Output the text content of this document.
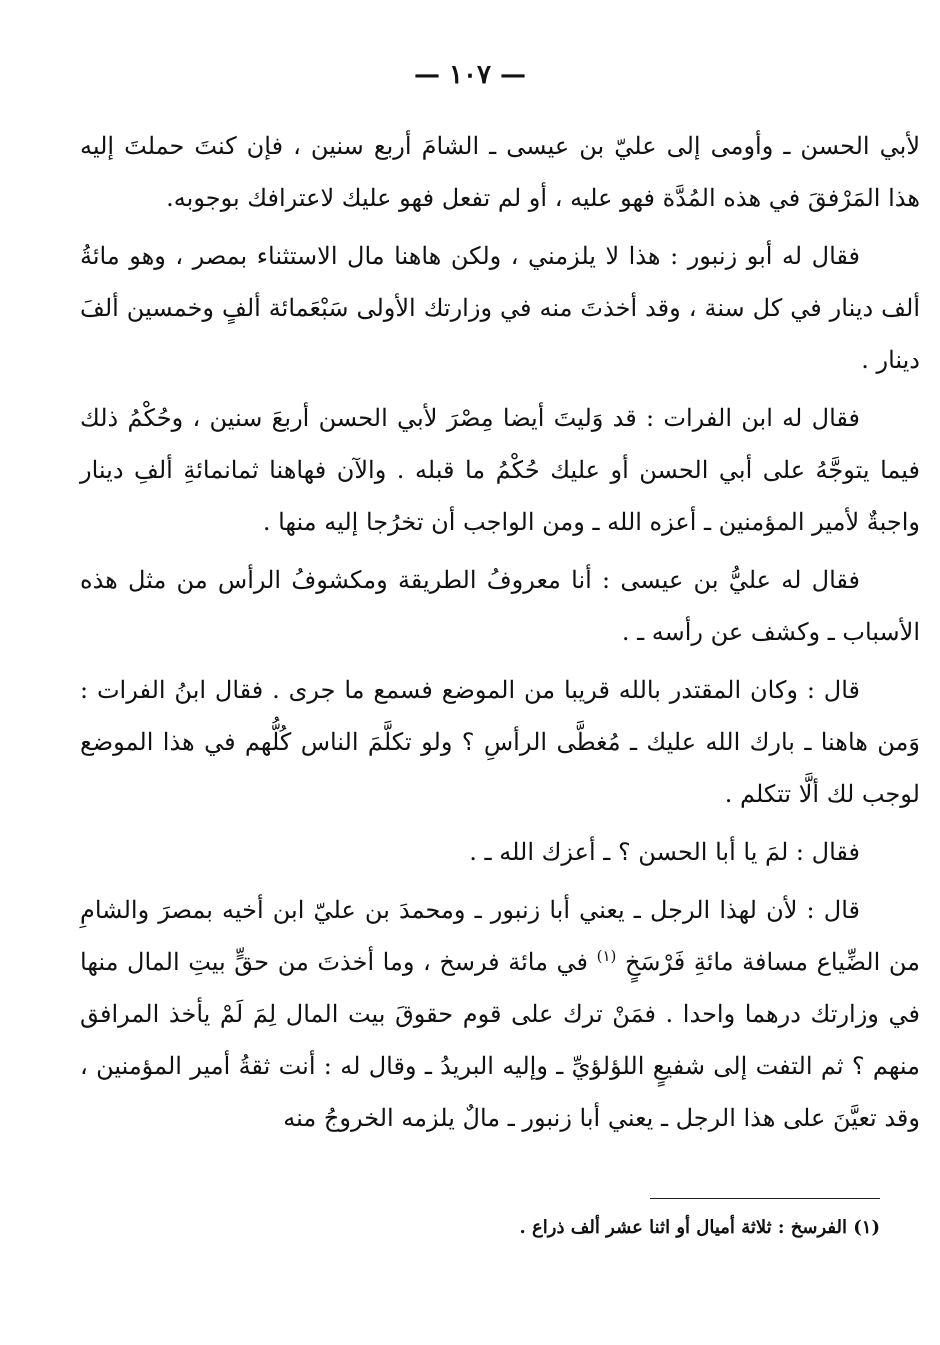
— ١٠٧ —

لأبي الحسن ـ وأومى إلى عليّ بن عيسى ـ الشامَ أربع سنين ، فإن كنتَ حملتَ إليه هذا المَرْفقَ في هذه المُدَّة فهو عليه ، أو لم تفعل فهو عليك لاعترافك بوجوبه.

فقال له أبو زنبور : هذا لا يلزمني ، ولكن هاهنا مال الاستثناء بمصر ، وهو مائةُ ألف دينار في كل سنة ، وقد أخذتَ منه في وزارتك الأولى سَبْعَمائة ألفٍ وخمسين ألفَ دينار .

فقال له ابن الفرات : قد وَليتَ أيضا مِصْرَ لأبي الحسن أربعَ سنين ، وحُكْمُ ذلك فيما يتوجَّهُ على أبي الحسن أو عليك حُكْمُ ما قبله . والآن فهاهنا ثمانمائةِ ألفِ دينار واجبةٌ لأمير المؤمنين ـ أعزه الله ـ ومن الواجب أن تخرُجا إليه منها .

فقال له عليُّ بن عيسى : أنا معروفُ الطريقة ومكشوفُ الرأس من مثل هذه الأسباب ـ وكشف عن رأسه ـ .

قال : وكان المقتدر بالله قريبا من الموضع فسمع ما جرى . فقال ابنُ الفرات : وَمن هاهنا ـ بارك الله عليك ـ مُغطَّى الرأسِ ؟ ولو تكلَّمَ الناس كُلُّهم في هذا الموضع لوجب لك ألَّا تتكلم .

فقال : لمَ يا أبا الحسن ؟ ـ أعزك الله ـ .

قال : لأن لهذا الرجل ـ يعني أبا زنبور ـ ومحمدَ بن عليّ ابن أخيه بمصرَ والشامِ من الضِّياع مسافة مائةِ فَرْسَخٍ $^{(١)}$ في مائة فرسخ ، وما أخذتَ من حقٍّ بيتِ المال منها في وزارتك درهما واحدا . فمَنْ ترك على قوم حقوقَ بيت المال لِمَ لَمْ يأخذ المرافق منهم ؟ ثم التفت إلى شفيعٍ اللؤلؤيِّ ـ وإليه البريدُ ـ وقال له : أنت ثقةُ أمير المؤمنين ، وقد تعيَّنَ على هذا الرجل ـ يعني أبا زنبور ـ مالٌ يلزمه الخروجُ منه

(١) الفرسخ : ثلاثة أميال أو اثنا عشر ألف ذراع .
